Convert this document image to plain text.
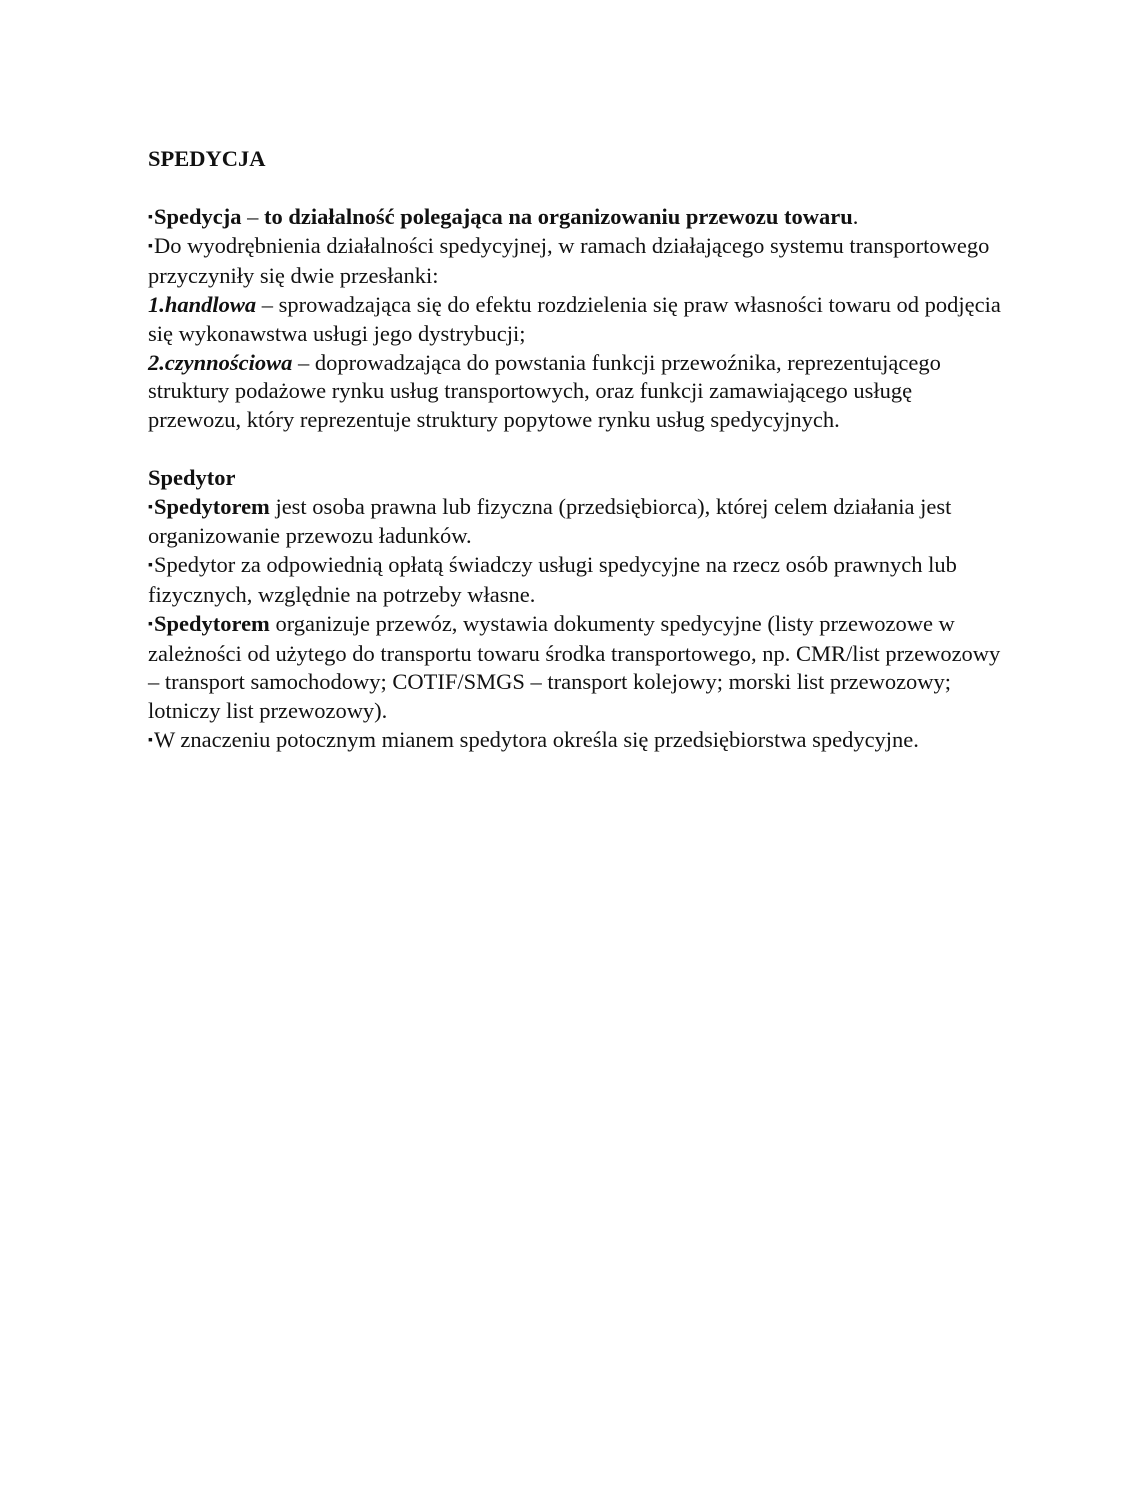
SPEDYCJA

▪Spedycja – to działalność polegająca na organizowaniu przewozu towaru.

▪Do wyodrębnienia działalności spedycyjnej, w ramach działającego systemu transportowego przyczyniły się dwie przesłanki:

1.handlowa – sprowadzająca się do efektu rozdzielenia się praw własności towaru od podjęcia się wykonawstwa usługi jego dystrybucji;

2.czynnościowa – doprowadzająca do powstania funkcji przewoźnika, reprezentującego struktury podażowe rynku usług transportowych, oraz funkcji zamawiającego usługę przewozu, który reprezentuje struktury popytowe rynku usług spedycyjnych.

Spedytor

▪Spedytorem jest osoba prawna lub fizyczna (przedsiębiorca), której celem działania jest organizowanie przewozu ładunków.

▪Spedytor za odpowiednią opłatą świadczy usługi spedycyjne na rzecz osób prawnych lub fizycznych, względnie na potrzeby własne.

▪Spedytorem organizuje przewóz, wystawia dokumenty spedycyjne (listy przewozowe w zależności od użytego do transportu towaru środka transportowego, np. CMR/list przewozowy – transport samochodowy; COTIF/SMGS – transport kolejowy; morski list przewozowy; lotniczy list przewozowy).

▪W znaczeniu potocznym mianem spedytora określa się przedsiębiorstwa spedycyjne.
